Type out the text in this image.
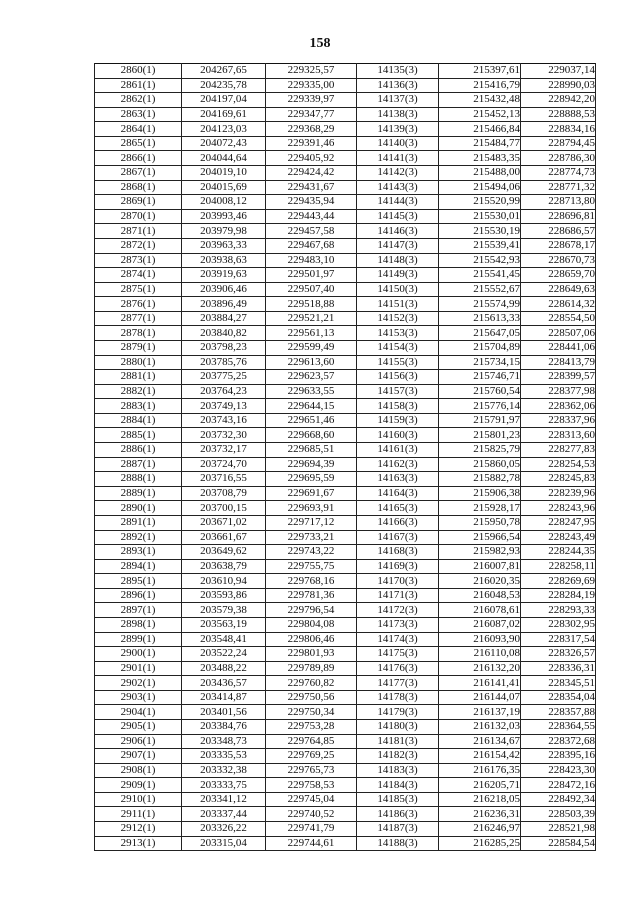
158
2860(1)	204267,65	229325,57	14135(3)	215397,61	229037,14
2861(1)	204235,78	229335,00	14136(3)	215416,79	228990,03
2862(1)	204197,04	229339,97	14137(3)	215432,48	228942,20
2863(1)	204169,61	229347,77	14138(3)	215452,13	228888,53
2864(1)	204123,03	229368,29	14139(3)	215466,84	228834,16
2865(1)	204072,43	229391,46	14140(3)	215484,77	228794,45
2866(1)	204044,64	229405,92	14141(3)	215483,35	228786,30
2867(1)	204019,10	229424,42	14142(3)	215488,00	228774,73
2868(1)	204015,69	229431,67	14143(3)	215494,06	228771,32
2869(1)	204008,12	229435,94	14144(3)	215520,99	228713,80
2870(1)	203993,46	229443,44	14145(3)	215530,01	228696,81
2871(1)	203979,98	229457,58	14146(3)	215530,19	228686,57
2872(1)	203963,33	229467,68	14147(3)	215539,41	228678,17
2873(1)	203938,63	229483,10	14148(3)	215542,93	228670,73
2874(1)	203919,63	229501,97	14149(3)	215541,45	228659,70
2875(1)	203906,46	229507,40	14150(3)	215552,67	228649,63
2876(1)	203896,49	229518,88	14151(3)	215574,99	228614,32
2877(1)	203884,27	229521,21	14152(3)	215613,33	228554,50
2878(1)	203840,82	229561,13	14153(3)	215647,05	228507,06
2879(1)	203798,23	229599,49	14154(3)	215704,89	228441,06
2880(1)	203785,76	229613,60	14155(3)	215734,15	228413,79
2881(1)	203775,25	229623,57	14156(3)	215746,71	228399,57
2882(1)	203764,23	229633,55	14157(3)	215760,54	228377,98
2883(1)	203749,13	229644,15	14158(3)	215776,14	228362,06
2884(1)	203743,16	229651,46	14159(3)	215791,97	228337,96
2885(1)	203732,30	229668,60	14160(3)	215801,23	228313,60
2886(1)	203732,17	229685,51	14161(3)	215825,79	228277,83
2887(1)	203724,70	229694,39	14162(3)	215860,05	228254,53
2888(1)	203716,55	229695,59	14163(3)	215882,78	228245,83
2889(1)	203708,79	229691,67	14164(3)	215906,38	228239,96
2890(1)	203700,15	229693,91	14165(3)	215928,17	228243,96
2891(1)	203671,02	229717,12	14166(3)	215950,78	228247,95
2892(1)	203661,67	229733,21	14167(3)	215966,54	228243,49
2893(1)	203649,62	229743,22	14168(3)	215982,93	228244,35
2894(1)	203638,79	229755,75	14169(3)	216007,81	228258,11
2895(1)	203610,94	229768,16	14170(3)	216020,35	228269,69
2896(1)	203593,86	229781,36	14171(3)	216048,53	228284,19
2897(1)	203579,38	229796,54	14172(3)	216078,61	228293,33
2898(1)	203563,19	229804,08	14173(3)	216087,02	228302,95
2899(1)	203548,41	229806,46	14174(3)	216093,90	228317,54
2900(1)	203522,24	229801,93	14175(3)	216110,08	228326,57
2901(1)	203488,22	229789,89	14176(3)	216132,20	228336,31
2902(1)	203436,57	229760,82	14177(3)	216141,41	228345,51
2903(1)	203414,87	229750,56	14178(3)	216144,07	228354,04
2904(1)	203401,56	229750,34	14179(3)	216137,19	228357,88
2905(1)	203384,76	229753,28	14180(3)	216132,03	228364,55
2906(1)	203348,73	229764,85	14181(3)	216134,67	228372,68
2907(1)	203335,53	229769,25	14182(3)	216154,42	228395,16
2908(1)	203332,38	229765,73	14183(3)	216176,35	228423,30
2909(1)	203333,75	229758,53	14184(3)	216205,71	228472,16
2910(1)	203341,12	229745,04	14185(3)	216218,05	228492,34
2911(1)	203337,44	229740,52	14186(3)	216236,31	228503,39
2912(1)	203326,22	229741,79	14187(3)	216246,97	228521,98
2913(1)	203315,04	229744,61	14188(3)	216285,25	228584,54
